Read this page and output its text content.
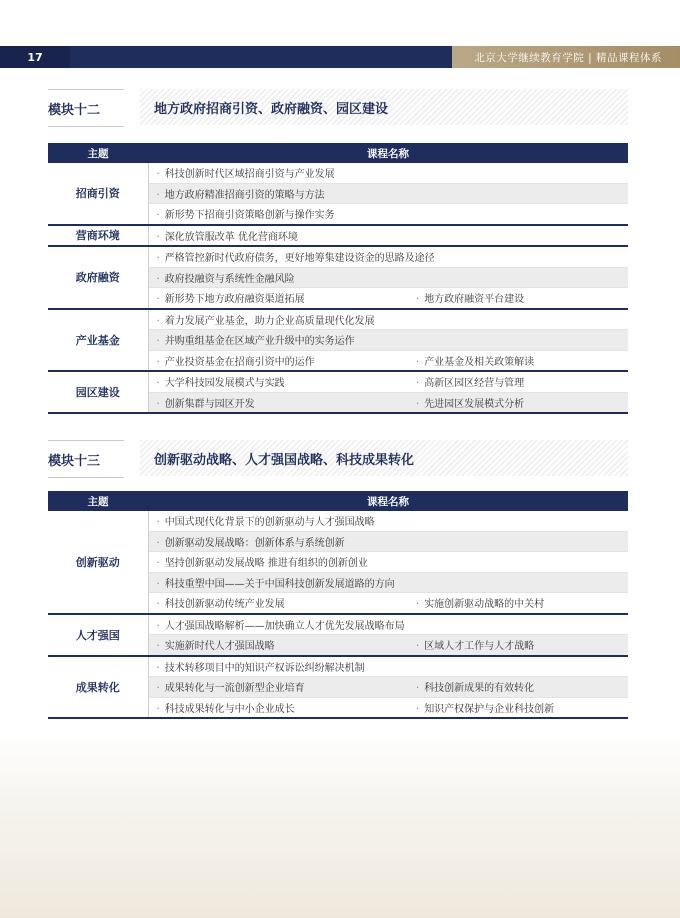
17	北京大学继续教育学院 | 精品课程体系
模块十二	地方政府招商引资、政府融资、园区建设
主题	课程名称	
招商引资	· 科技创新时代区域招商引资与产业发展	
	· 地方政府精准招商引资的策略与方法	
	· 新形势下招商引资策略创新与操作实务	
营商环境	· 深化放管服改革 优化营商环境	
政府融资	· 严格管控新时代政府债务，更好地筹集建设资金的思路及途径	
	· 政府投融资与系统性金融风险	
	· 新形势下地方政府融资渠道拓展	· 地方政府融资平台建设
产业基金	· 着力发展产业基金，助力企业高质量现代化发展	
	· 并购重组基金在区域产业升级中的实务运作	
	· 产业投资基金在招商引资中的运作	· 产业基金及相关政策解读
园区建设	· 大学科技园发展模式与实践	· 高新区园区经营与管理
	· 创新集群与园区开发	· 先进园区发展模式分析
模块十三	创新驱动战略、人才强国战略、科技成果转化
主题	课程名称	
创新驱动	· 中国式现代化背景下的创新驱动与人才强国战略	
	· 创新驱动发展战略：创新体系与系统创新	
	· 坚持创新驱动发展战略 推进有组织的创新创业	
	· 科技重塑中国——关于中国科技创新发展道路的方向	
	· 科技创新驱动传统产业发展	· 实施创新驱动战略的中关村
人才强国	· 人才强国战略解析——加快确立人才优先发展战略布局	
	· 实施新时代人才强国战略	· 区域人才工作与人才战略
成果转化	· 技术转移项目中的知识产权诉讼纠纷解决机制	
	· 成果转化与一流创新型企业培育	· 科技创新成果的有效转化
	· 科技成果转化与中小企业成长	· 知识产权保护与企业科技创新
